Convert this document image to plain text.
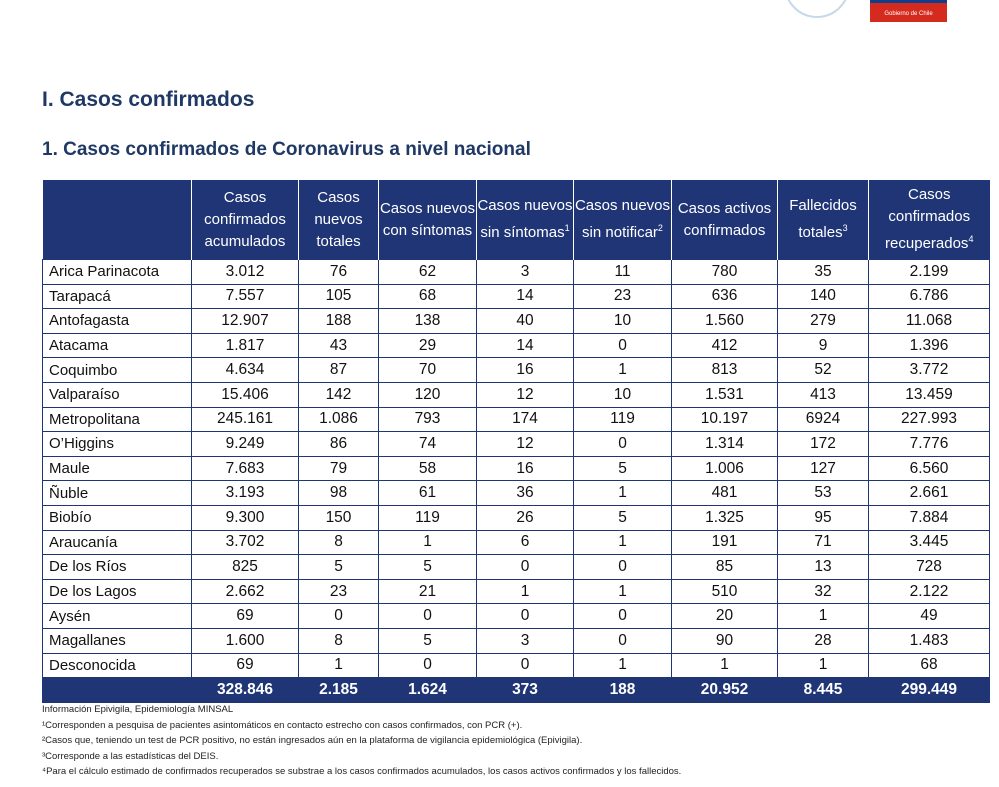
Gobierno de Chile
I. Casos confirmados
1. Casos confirmados de Coronavirus a nivel nacional
	Casos confirmados acumulados	Casos nuevos totales	Casos nuevos con síntomas	Casos nuevos sin síntomas$^1$	Casos nuevos sin notificar$^2$	Casos activos confirmados	Fallecidos totales$^3$	Casos confirmados recuperados$^4$
Arica Parinacota	3.012	76	62	3	11	780	35	2.199
Tarapacá	7.557	105	68	14	23	636	140	6.786
Antofagasta	12.907	188	138	40	10	1.560	279	11.068
Atacama	1.817	43	29	14	0	412	9	1.396
Coquimbo	4.634	87	70	16	1	813	52	3.772
Valparaíso	15.406	142	120	12	10	1.531	413	13.459
Metropolitana	245.161	1.086	793	174	119	10.197	6924	227.993
O’Higgins	9.249	86	74	12	0	1.314	172	7.776
Maule	7.683	79	58	16	5	1.006	127	6.560
Ñuble	3.193	98	61	36	1	481	53	2.661
Biobío	9.300	150	119	26	5	1.325	95	7.884
Araucanía	3.702	8	1	6	1	191	71	3.445
De los Ríos	825	5	5	0	0	85	13	728
De los Lagos	2.662	23	21	1	1	510	32	2.122
Aysén	69	0	0	0	0	20	1	49
Magallanes	1.600	8	5	3	0	90	28	1.483
Desconocida	69	1	0	0	1	1	1	68
	328.846	2.185	1.624	373	188	20.952	8.445	299.449
Información Epivigila, Epidemiología MINSAL
¹Corresponden a pesquisa de pacientes asintomáticos en contacto estrecho con casos confirmados, con PCR (+).
²Casos que, teniendo un test de PCR positivo, no están ingresados aún en la plataforma de vigilancia epidemiológica (Epivigila).
³Corresponde a las estadísticas del DEIS.
⁴Para el cálculo estimado de confirmados recuperados se substrae a los casos confirmados acumulados, los casos activos confirmados y los fallecidos.
